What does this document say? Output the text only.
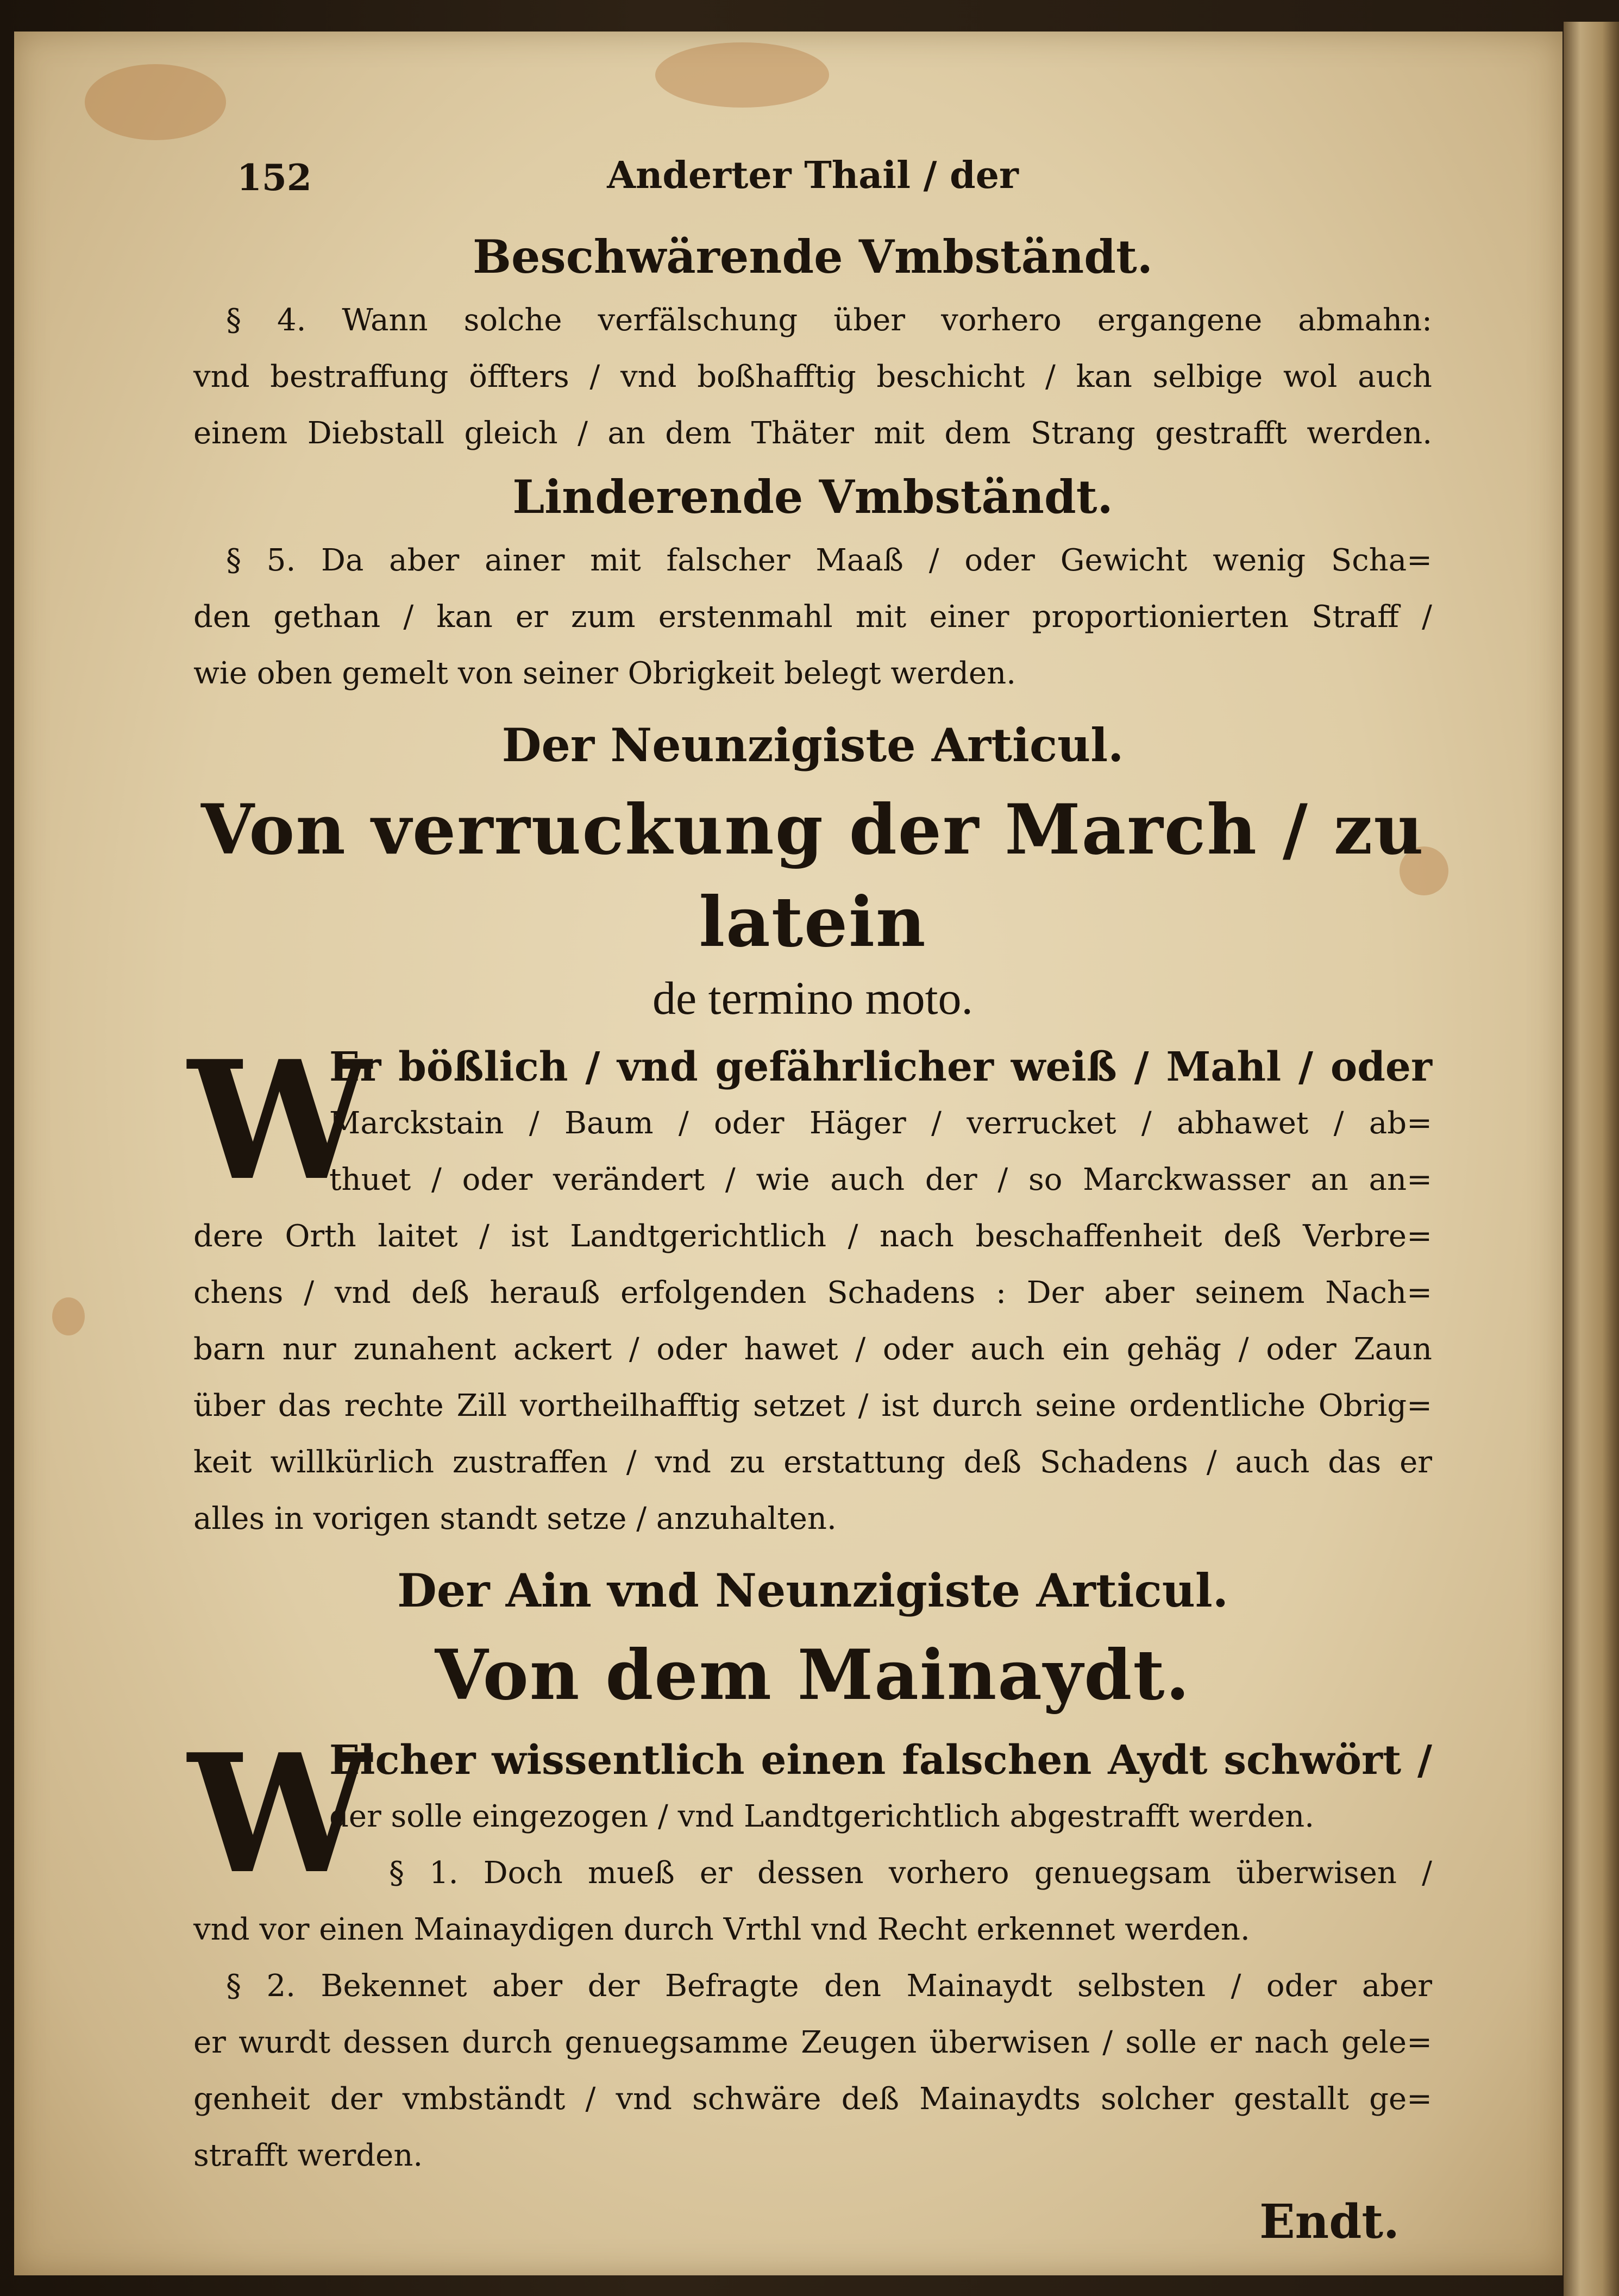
152	Anderter Thail / der
Beschwärende Vmbständt.
§ 4. Wann solche verfälschung über vorhero ergangene abmahn:
vnd bestraffung öffters / vnd boßhafftig beschicht / kan selbige wol auch
einem Diebstall gleich / an dem Thäter mit dem Strang gestrafft werden.
Linderende Vmbständt.
§ 5. Da aber ainer mit falscher Maaß / oder Gewicht wenig Scha=
den gethan / kan er zum erstenmahl mit einer proportionierten Straff /
wie oben gemelt von seiner Obrigkeit belegt werden.
Der Neunzigiste Articul.
Von verruckung der March / zu latein
de termino moto.
W
Er bößlich / vnd gefährlicher weiß / Mahl / oder
Marckstain / Baum / oder Häger / verrucket / abhawet / ab=
thuet / oder verändert / wie auch der / so Marckwasser an an=
dere Orth laitet / ist Landtgerichtlich / nach beschaffenheit deß Verbre=
chens / vnd deß herauß erfolgenden Schadens : Der aber seinem Nach=
barn nur zunahent ackert / oder hawet / oder auch ein gehäg / oder Zaun
über das rechte Zill vortheilhafftig setzet / ist durch seine ordentliche Obrig=
keit willkürlich zustraffen / vnd zu erstattung deß Schadens / auch das er
alles in vorigen standt setze / anzuhalten.
Der Ain vnd Neunzigiste Articul.
Von dem Mainaydt.
W
Elcher wissentlich einen falschen Aydt schwört /
der solle eingezogen / vnd Landtgerichtlich abgestrafft werden.
§ 1. Doch mueß er dessen vorhero genuegsam überwisen /
vnd vor einen Mainaydigen durch Vrthl vnd Recht erkennet werden.
§ 2. Bekennet aber der Befragte den Mainaydt selbsten / oder aber
er wurdt dessen durch genuegsamme Zeugen überwisen / solle er nach gele=
genheit der vmbständt / vnd schwäre deß Mainaydts solcher gestallt ge=
strafft werden.
Endt.
